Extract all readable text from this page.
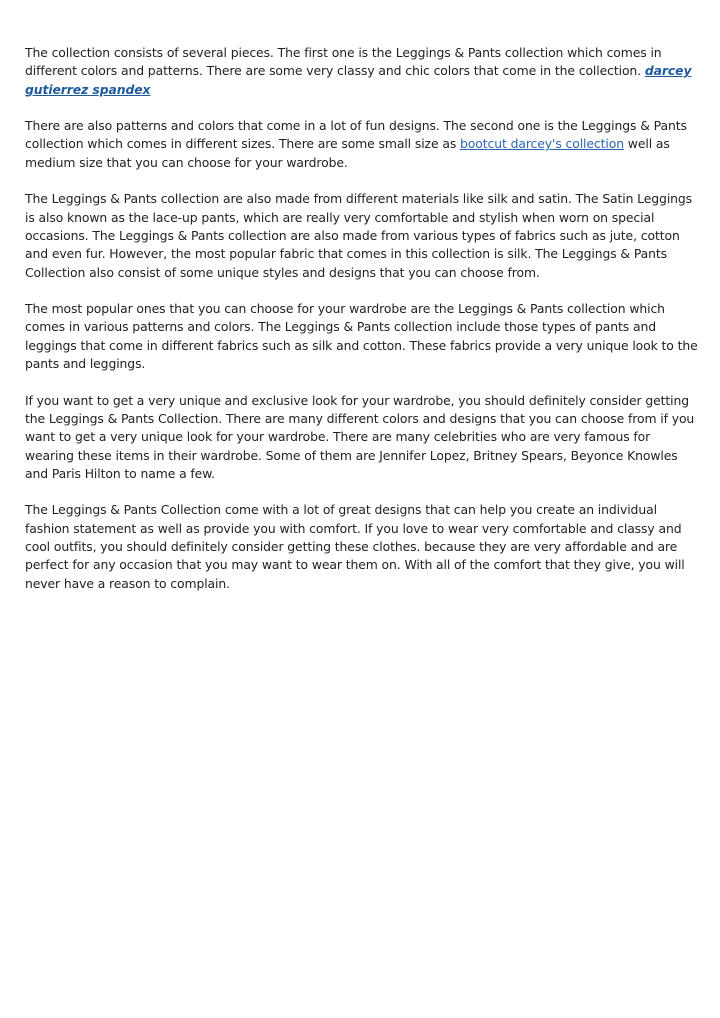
The collection consists of several pieces. The first one is the Leggings & Pants collection which comes in different colors and patterns. There are some very classy and chic colors that come in the collection. darcey gutierrez spandex

There are also patterns and colors that come in a lot of fun designs. The second one is the Leggings & Pants collection which comes in different sizes. There are some small size as bootcut darcey's collection well as medium size that you can choose for your wardrobe.

The Leggings & Pants collection are also made from different materials like silk and satin. The Satin Leggings is also known as the lace-up pants, which are really very comfortable and stylish when worn on special occasions. The Leggings & Pants collection are also made from various types of fabrics such as jute, cotton and even fur. However, the most popular fabric that comes in this collection is silk. The Leggings & Pants Collection also consist of some unique styles and designs that you can choose from.

The most popular ones that you can choose for your wardrobe are the Leggings & Pants collection which comes in various patterns and colors. The Leggings & Pants collection include those types of pants and leggings that come in different fabrics such as silk and cotton. These fabrics provide a very unique look to the pants and leggings.

If you want to get a very unique and exclusive look for your wardrobe, you should definitely consider getting the Leggings & Pants Collection. There are many different colors and designs that you can choose from if you want to get a very unique look for your wardrobe. There are many celebrities who are very famous for wearing these items in their wardrobe. Some of them are Jennifer Lopez, Britney Spears, Beyonce Knowles and Paris Hilton to name a few.

The Leggings & Pants Collection come with a lot of great designs that can help you create an individual fashion statement as well as provide you with comfort. If you love to wear very comfortable and classy and cool outfits, you should definitely consider getting these clothes. because they are very affordable and are perfect for any occasion that you may want to wear them on. With all of the comfort that they give, you will never have a reason to complain.
